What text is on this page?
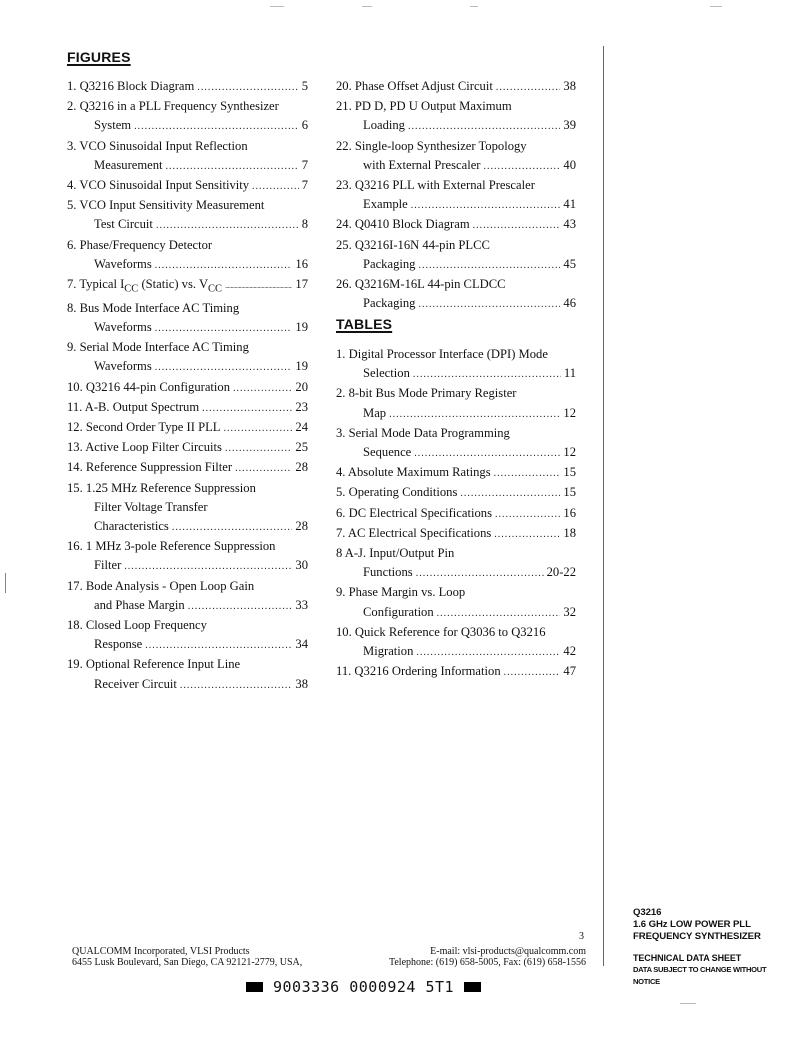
FIGURES
1. Q3216 Block Diagram .....	5
2. Q3216 in a PLL Frequency Synthesizer
System .....	6
3. VCO Sinusoidal Input Reflection
Measurement .....	7
4. VCO Sinusoidal Input Sensitivity .....	7
5. VCO Input Sensitivity Measurement
Test Circuit .....	8
6. Phase/Frequency Detector
Waveforms .....	16
7. Typical $I_{CC}$ (Static) vs. $V_{CC}$ .....	17
8. Bus Mode Interface AC Timing
Waveforms .....	19
9. Serial Mode Interface AC Timing
Waveforms .....	19
10. Q3216 44-pin Configuration .....	20
11. A-B. Output Spectrum .....	23
12. Second Order Type II PLL .....	24
13. Active Loop Filter Circuits .....	25
14. Reference Suppression Filter .....	28
15. 1.25 MHz Reference Suppression
Filter Voltage Transfer
Characteristics .....	28
16. 1 MHz 3-pole Reference Suppression
Filter .....	30
17. Bode Analysis - Open Loop Gain
and Phase Margin .....	33
18. Closed Loop Frequency
Response .....	34
19. Optional Reference Input Line
Receiver Circuit .....	38
20. Phase Offset Adjust Circuit .....	38
21. PD D, PD U Output Maximum
Loading .....	39
22. Single-loop Synthesizer Topology
with External Prescaler .....	40
23. Q3216 PLL with External Prescaler
Example .....	41
24. Q0410 Block Diagram .....	43
25. Q3216I-16N 44-pin PLCC
Packaging .....	45
26. Q3216M-16L 44-pin CLDCC
Packaging .....	46
TABLES
1. Digital Processor Interface (DPI) Mode
Selection .....	11
2. 8-bit Bus Mode Primary Register
Map .....	12
3. Serial Mode Data Programming
Sequence .....	12
4. Absolute Maximum Ratings .....	15
5. Operating Conditions .....	15
6. DC Electrical Specifications .....	16
7. AC Electrical Specifications .....	18
8 A-J. Input/Output Pin
Functions .....	20-22
9. Phase Margin vs. Loop
Configuration .....	32
10. Quick Reference for Q3036 to Q3216
Migration .....	42
11. Q3216 Ordering Information .....	47
3
QUALCOMM Incorporated, VLSI Products
6455 Lusk Boulevard, San Diego, CA 92121-2779, USA,
E-mail: vlsi-products@qualcomm.com
Telephone: (619) 658-5005, Fax: (619) 658-1556
Q3216
1.6 GHz LOW POWER PLL
FREQUENCY SYNTHESIZER
TECHNICAL DATA SHEET
DATA SUBJECT TO CHANGE WITHOUT NOTICE
9003336 0000924 5T1
